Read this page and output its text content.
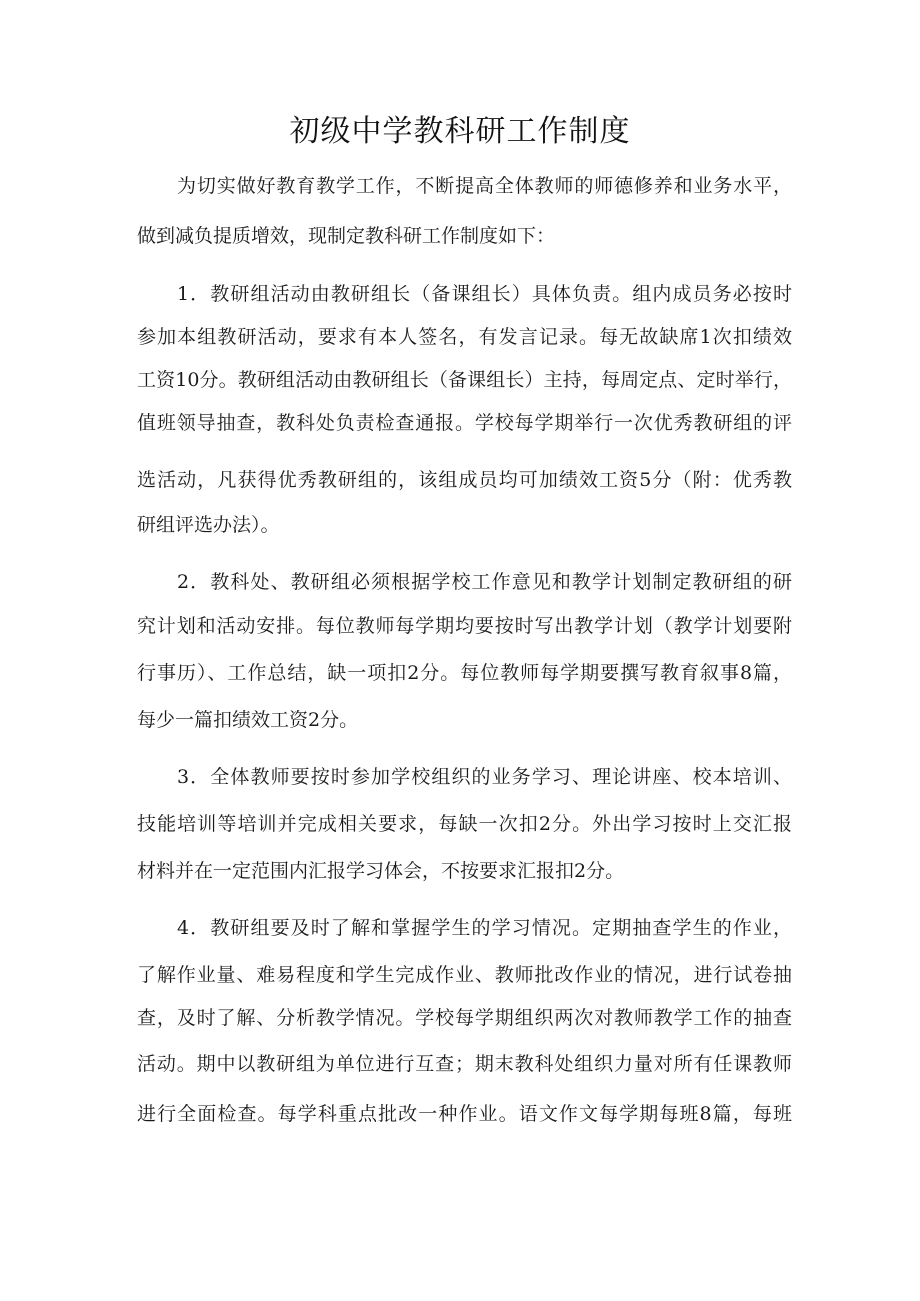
初级中学教科研工作制度

为切实做好教育教学工作，不断提高全体教师的师德修养和业务水平，

做到减负提质增效，现制定教科研工作制度如下：

1．教研组活动由教研组长（备课组长）具体负责。组内成员务必按时

参加本组教研活动，要求有本人签名，有发言记录。每无故缺席1次扣绩效

工资10分。教研组活动由教研组长（备课组长）主持，每周定点、定时举行，

值班领导抽查，教科处负责检查通报。学校每学期举行一次优秀教研组的评

选活动，凡获得优秀教研组的，该组成员均可加绩效工资5分（附：优秀教

研组评选办法）。

2．教科处、教研组必须根据学校工作意见和教学计划制定教研组的研

究计划和活动安排。每位教师每学期均要按时写出教学计划（教学计划要附

行事历）、工作总结，缺一项扣2分。每位教师每学期要撰写教育叙事8篇，

每少一篇扣绩效工资2分。

3．全体教师要按时参加学校组织的业务学习、理论讲座、校本培训、

技能培训等培训并完成相关要求，每缺一次扣2分。外出学习按时上交汇报

材料并在一定范围内汇报学习体会，不按要求汇报扣2分。

4．教研组要及时了解和掌握学生的学习情况。定期抽查学生的作业，

了解作业量、难易程度和学生完成作业、教师批改作业的情况，进行试卷抽

查，及时了解、分析教学情况。学校每学期组织两次对教师教学工作的抽查

活动。期中以教研组为单位进行互查；期末教科处组织力量对所有任课教师

进行全面检查。每学科重点批改一种作业。语文作文每学期每班8篇，每班
